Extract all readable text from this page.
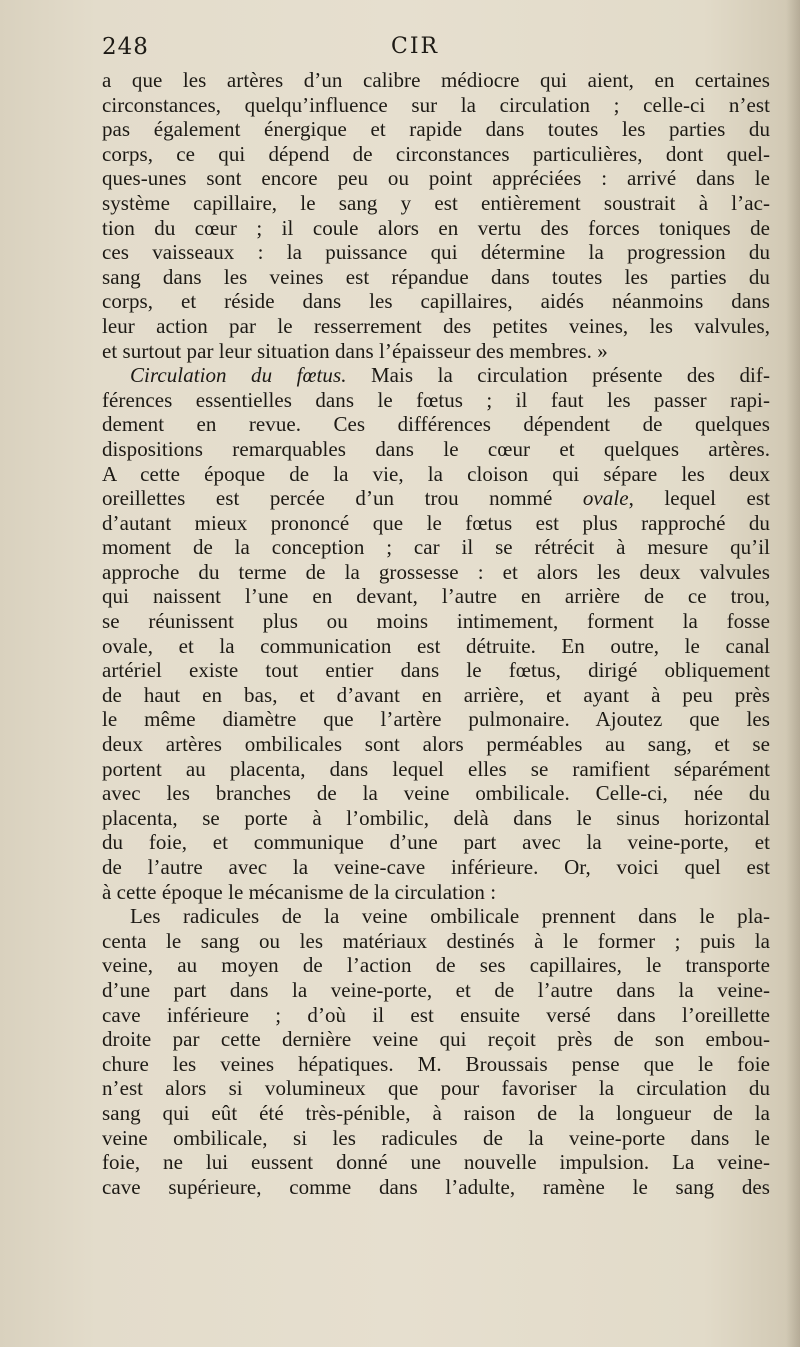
248	CIR
a que les artères d’un calibre médiocre qui aient, en certaines
circonstances, quelqu’influence sur la circulation ; celle-ci n’est
pas également énergique et rapide dans toutes les parties du
corps, ce qui dépend de circonstances particulières, dont quel-
ques-unes sont encore peu ou point appréciées : arrivé dans le
système capillaire, le sang y est entièrement soustrait à l’ac-
tion du cœur ; il coule alors en vertu des forces toniques de
ces vaisseaux : la puissance qui détermine la progression du
sang dans les veines est répandue dans toutes les parties du
corps, et réside dans les capillaires, aidés néanmoins dans
leur action par le resserrement des petites veines, les valvules,
et surtout par leur situation dans l’épaisseur des membres. »
Circulation du fœtus. Mais la circulation présente des dif-
férences essentielles dans le fœtus ; il faut les passer rapi-
dement en revue. Ces différences dépendent de quelques
dispositions remarquables dans le cœur et quelques artères.
A cette époque de la vie, la cloison qui sépare les deux
oreillettes est percée d’un trou nommé ovale, lequel est
d’autant mieux prononcé que le fœtus est plus rapproché du
moment de la conception ; car il se rétrécit à mesure qu’il
approche du terme de la grossesse : et alors les deux valvules
qui naissent l’une en devant, l’autre en arrière de ce trou,
se réunissent plus ou moins intimement, forment la fosse
ovale, et la communication est détruite. En outre, le canal
artériel existe tout entier dans le fœtus, dirigé obliquement
de haut en bas, et d’avant en arrière, et ayant à peu près
le même diamètre que l’artère pulmonaire. Ajoutez que les
deux artères ombilicales sont alors perméables au sang, et se
portent au placenta, dans lequel elles se ramifient séparément
avec les branches de la veine ombilicale. Celle-ci, née du
placenta, se porte à l’ombilic, delà dans le sinus horizontal
du foie, et communique d’une part avec la veine-porte, et
de l’autre avec la veine-cave inférieure. Or, voici quel est
à cette époque le mécanisme de la circulation :
Les radicules de la veine ombilicale prennent dans le pla-
centa le sang ou les matériaux destinés à le former ; puis la
veine, au moyen de l’action de ses capillaires, le transporte
d’une part dans la veine-porte, et de l’autre dans la veine-
cave inférieure ; d’où il est ensuite versé dans l’oreillette
droite par cette dernière veine qui reçoit près de son embou-
chure les veines hépatiques. M. Broussais pense que le foie
n’est alors si volumineux que pour favoriser la circulation du
sang qui eût été très-pénible, à raison de la longueur de la
veine ombilicale, si les radicules de la veine-porte dans le
foie, ne lui eussent donné une nouvelle impulsion. La veine-
cave supérieure, comme dans l’adulte, ramène le sang des
